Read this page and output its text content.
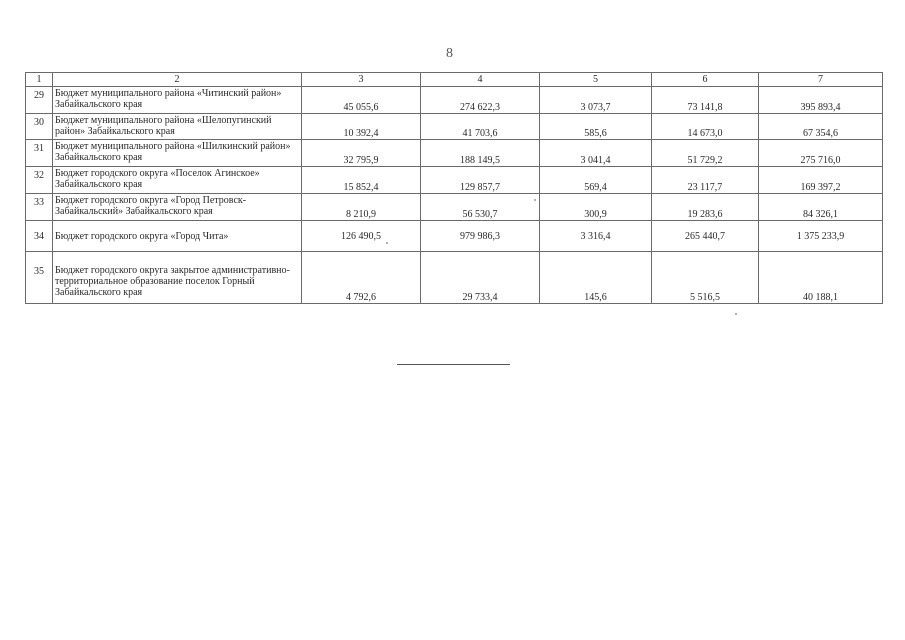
8
1	2	3	4	5	6	7
29	Бюджет муниципального района «Читинский район» Забайкальского края	45 055,6	274 622,3	3 073,7	73 141,8	395 893,4
30	Бюджет муниципального района «Шелопугинский район» Забайкальского края	10 392,4	41 703,6	585,6	14 673,0	67 354,6
31	Бюджет муниципального района «Шилкинский район» Забайкальского края	32 795,9	188 149,5	3 041,4	51 729,2	275 716,0
32	Бюджет городского округа «Поселок Агинское» Забайкальского края	15 852,4	129 857,7	569,4	23 117,7	169 397,2
33	Бюджет городского округа «Город Петровск-Забайкальский» Забайкальского края	8 210,9	56 530,7	300,9	19 283,6	84 326,1
34	Бюджет городского округа «Город Чита»	126 490,5	979 986,3	3 316,4	265 440,7	1 375 233,9
35	Бюджет городского округа закрытое административно-территориальное образование поселок Горный Забайкальского края	4 792,6	29 733,4	145,6	5 516,5	40 188,1
